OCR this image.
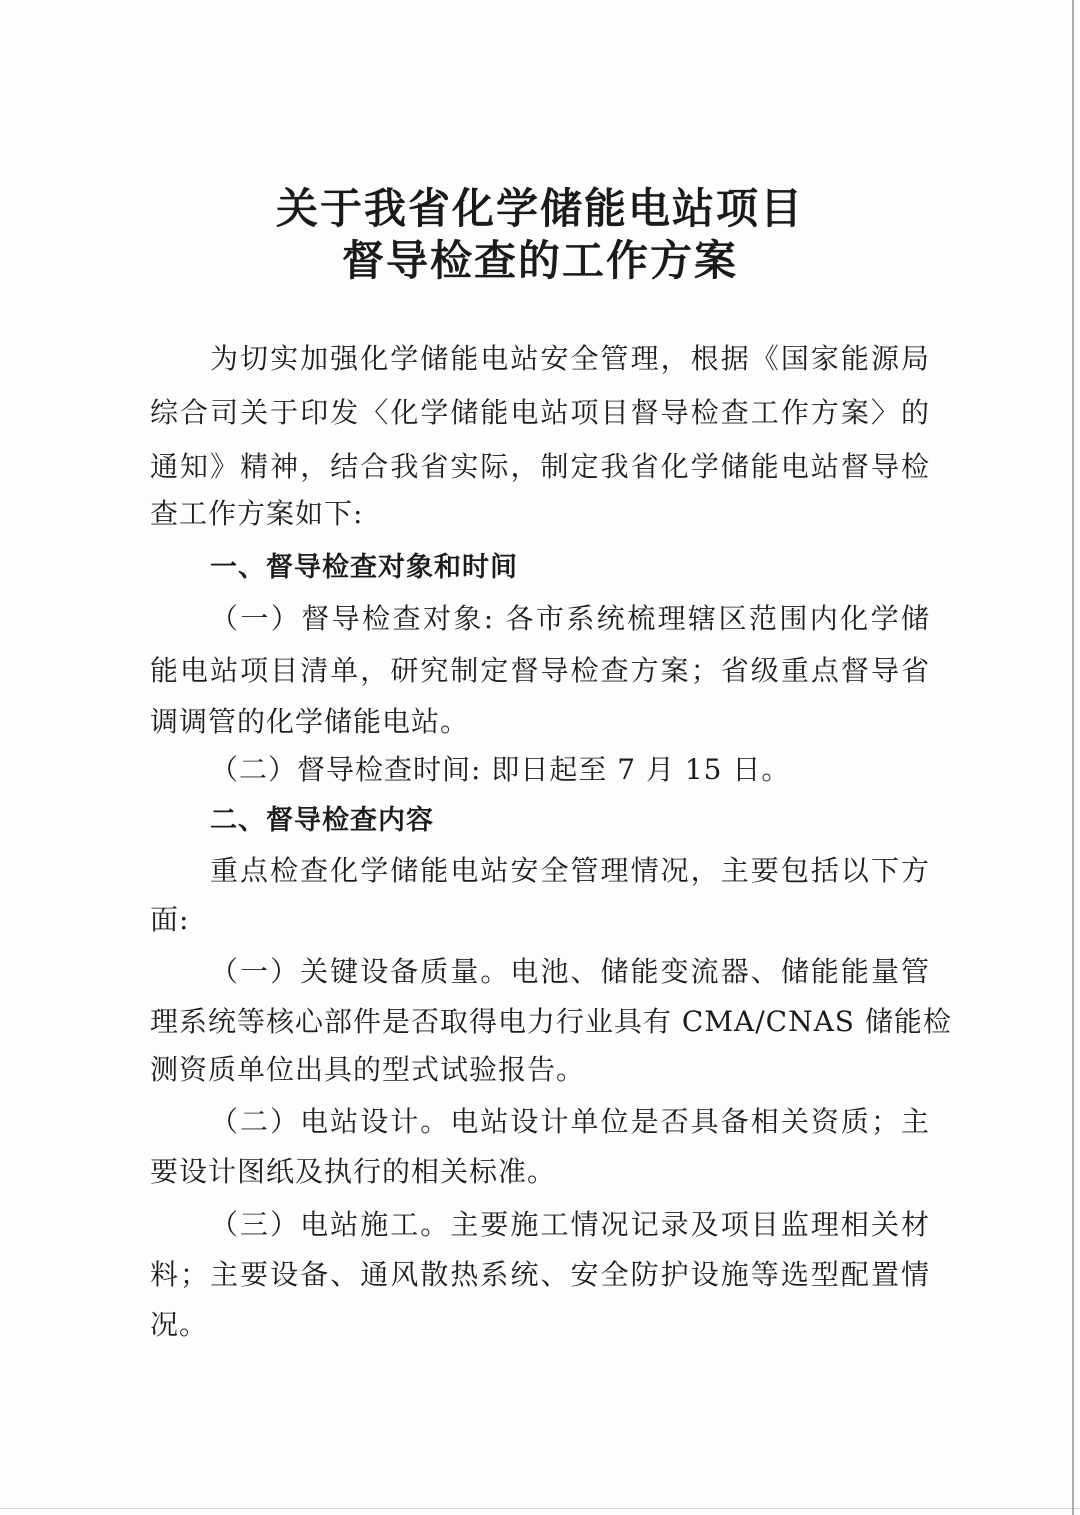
关于我省化学储能电站项目
督导检查的工作方案
为切实加强化学储能电站安全管理，根据《国家能源局
综合司关于印发〈化学储能电站项目督导检查工作方案〉的
通知》精神，结合我省实际，制定我省化学储能电站督导检
查工作方案如下:
一、督导检查对象和时间
（一）督导检查对象: 各市系统梳理辖区范围内化学储
能电站项目清单，研究制定督导检查方案；省级重点督导省
调调管的化学储能电站。
（二）督导检查时间: 即日起至 7 月 15 日。
二、督导检查内容
重点检查化学储能电站安全管理情况，主要包括以下方
面:
（一）关键设备质量。电池、储能变流器、储能能量管
理系统等核心部件是否取得电力行业具有 CMA/CNAS 储能检
测资质单位出具的型式试验报告。
（二）电站设计。电站设计单位是否具备相关资质；主
要设计图纸及执行的相关标准。
（三）电站施工。主要施工情况记录及项目监理相关材
料；主要设备、通风散热系统、安全防护设施等选型配置情
况。
